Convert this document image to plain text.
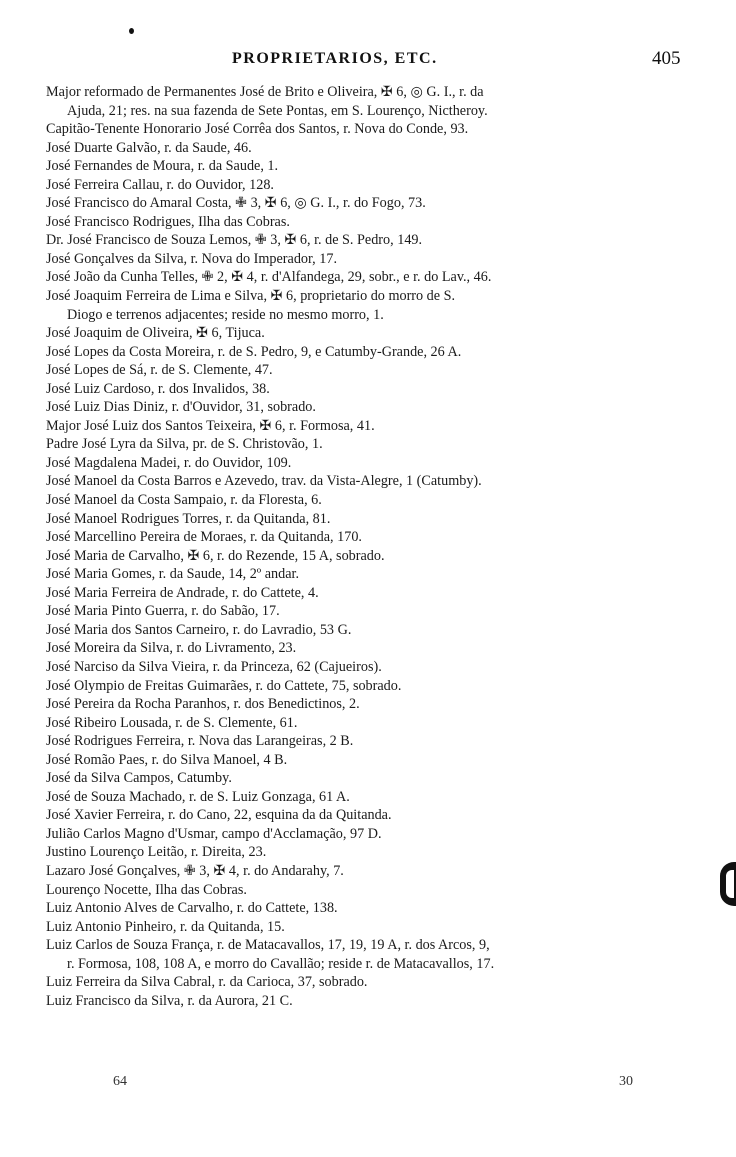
PROPRIETARIOS, ETC.	405
Major reformado de Permanentes José de Brito e Oliveira, ✠ 6, ◎ G. I., r. da
Ajuda, 21; res. na sua fazenda de Sete Pontas, em S. Lourenço, Nictheroy.
Capitão-Tenente Honorario José Corrêa dos Santos, r. Nova do Conde, 93.
José Duarte Galvão, r. da Saude, 46.
José Fernandes de Moura, r. da Saude, 1.
José Ferreira Callau, r. do Ouvidor, 128.
José Francisco do Amaral Costa, ✙ 3, ✠ 6, ◎ G. I., r. do Fogo, 73.
José Francisco Rodrigues, Ilha das Cobras.
Dr. José Francisco de Souza Lemos, ✙ 3, ✠ 6, r. de S. Pedro, 149.
José Gonçalves da Silva, r. Nova do Imperador, 17.
José João da Cunha Telles, ✙ 2, ✠ 4, r. d'Alfandega, 29, sobr., e r. do Lav., 46.
José Joaquim Ferreira de Lima e Silva, ✠ 6, proprietario do morro de S.
Diogo e terrenos adjacentes; reside no mesmo morro, 1.
José Joaquim de Oliveira, ✠ 6, Tijuca.
José Lopes da Costa Moreira, r. de S. Pedro, 9, e Catumby-Grande, 26 A.
José Lopes de Sá, r. de S. Clemente, 47.
José Luiz Cardoso, r. dos Invalidos, 38.
José Luiz Dias Diniz, r. d'Ouvidor, 31, sobrado.
Major José Luiz dos Santos Teixeira, ✠ 6, r. Formosa, 41.
Padre José Lyra da Silva, pr. de S. Christovão, 1.
José Magdalena Madei, r. do Ouvidor, 109.
José Manoel da Costa Barros e Azevedo, trav. da Vista-Alegre, 1 (Catumby).
José Manoel da Costa Sampaio, r. da Floresta, 6.
José Manoel Rodrigues Torres, r. da Quitanda, 81.
José Marcellino Pereira de Moraes, r. da Quitanda, 170.
José Maria de Carvalho, ✠ 6, r. do Rezende, 15 A, sobrado.
José Maria Gomes, r. da Saude, 14, 2º andar.
José Maria Ferreira de Andrade, r. do Cattete, 4.
José Maria Pinto Guerra, r. do Sabão, 17.
José Maria dos Santos Carneiro, r. do Lavradio, 53 G.
José Moreira da Silva, r. do Livramento, 23.
José Narciso da Silva Vieira, r. da Princeza, 62 (Cajueiros).
José Olympio de Freitas Guimarães, r. do Cattete, 75, sobrado.
José Pereira da Rocha Paranhos, r. dos Benedictinos, 2.
José Ribeiro Lousada, r. de S. Clemente, 61.
José Rodrigues Ferreira, r. Nova das Larangeiras, 2 B.
José Romão Paes, r. do Silva Manoel, 4 B.
José da Silva Campos, Catumby.
José de Souza Machado, r. de S. Luiz Gonzaga, 61 A.
José Xavier Ferreira, r. do Cano, 22, esquina da da Quitanda.
Julião Carlos Magno d'Usmar, campo d'Acclamação, 97 D.
Justino Lourenço Leitão, r. Direita, 23.
Lazaro José Gonçalves, ✙ 3, ✠ 4, r. do Andarahy, 7.
Lourenço Nocette, Ilha das Cobras.
Luiz Antonio Alves de Carvalho, r. do Cattete, 138.
Luiz Antonio Pinheiro, r. da Quitanda, 15.
Luiz Carlos de Souza França, r. de Matacavallos, 17, 19, 19 A, r. dos Arcos, 9,
r. Formosa, 108, 108 A, e morro do Cavallão; reside r. de Matacavallos, 17.
Luiz Ferreira da Silva Cabral, r. da Carioca, 37, sobrado.
Luiz Francisco da Silva, r. da Aurora, 21 C.
64	30
